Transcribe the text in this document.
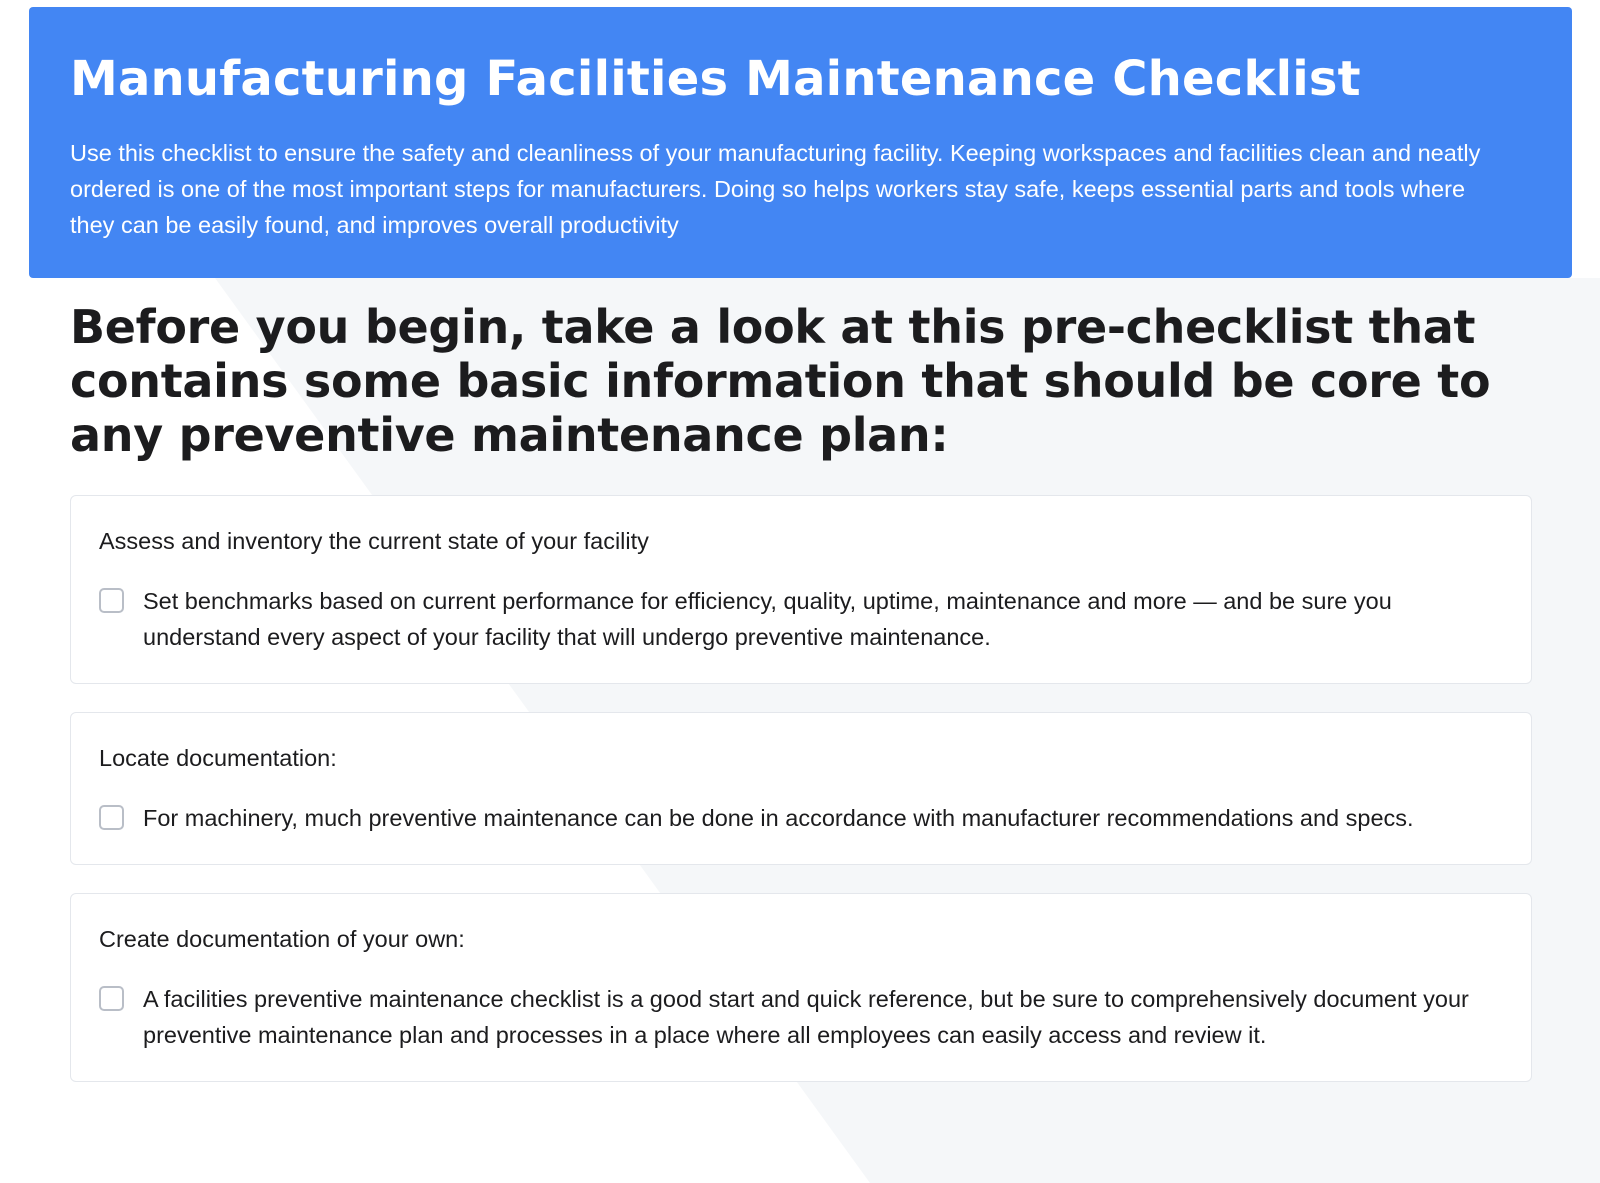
Manufacturing Facilities Maintenance Checklist

Use this checklist to ensure the safety and cleanliness of your manufacturing facility. Keeping workspaces and facilities clean and neatly ordered is one of the most important steps for manufacturers. Doing so helps workers stay safe, keeps essential parts and tools where they can be easily found, and improves overall productivity

Before you begin, take a look at this pre-checklist that contains some basic information that should be core to any preventive maintenance plan:
Assess and inventory the current state of your facility
Set benchmarks based on current performance for efficiency, quality, uptime, maintenance and more — and be sure you understand every aspect of your facility that will undergo preventive maintenance.
Locate documentation:
For machinery, much preventive maintenance can be done in accordance with manufacturer recommendations and specs.
Create documentation of your own:
A facilities preventive maintenance checklist is a good start and quick reference, but be sure to comprehensively document your preventive maintenance plan and processes in a place where all employees can easily access and review it.
